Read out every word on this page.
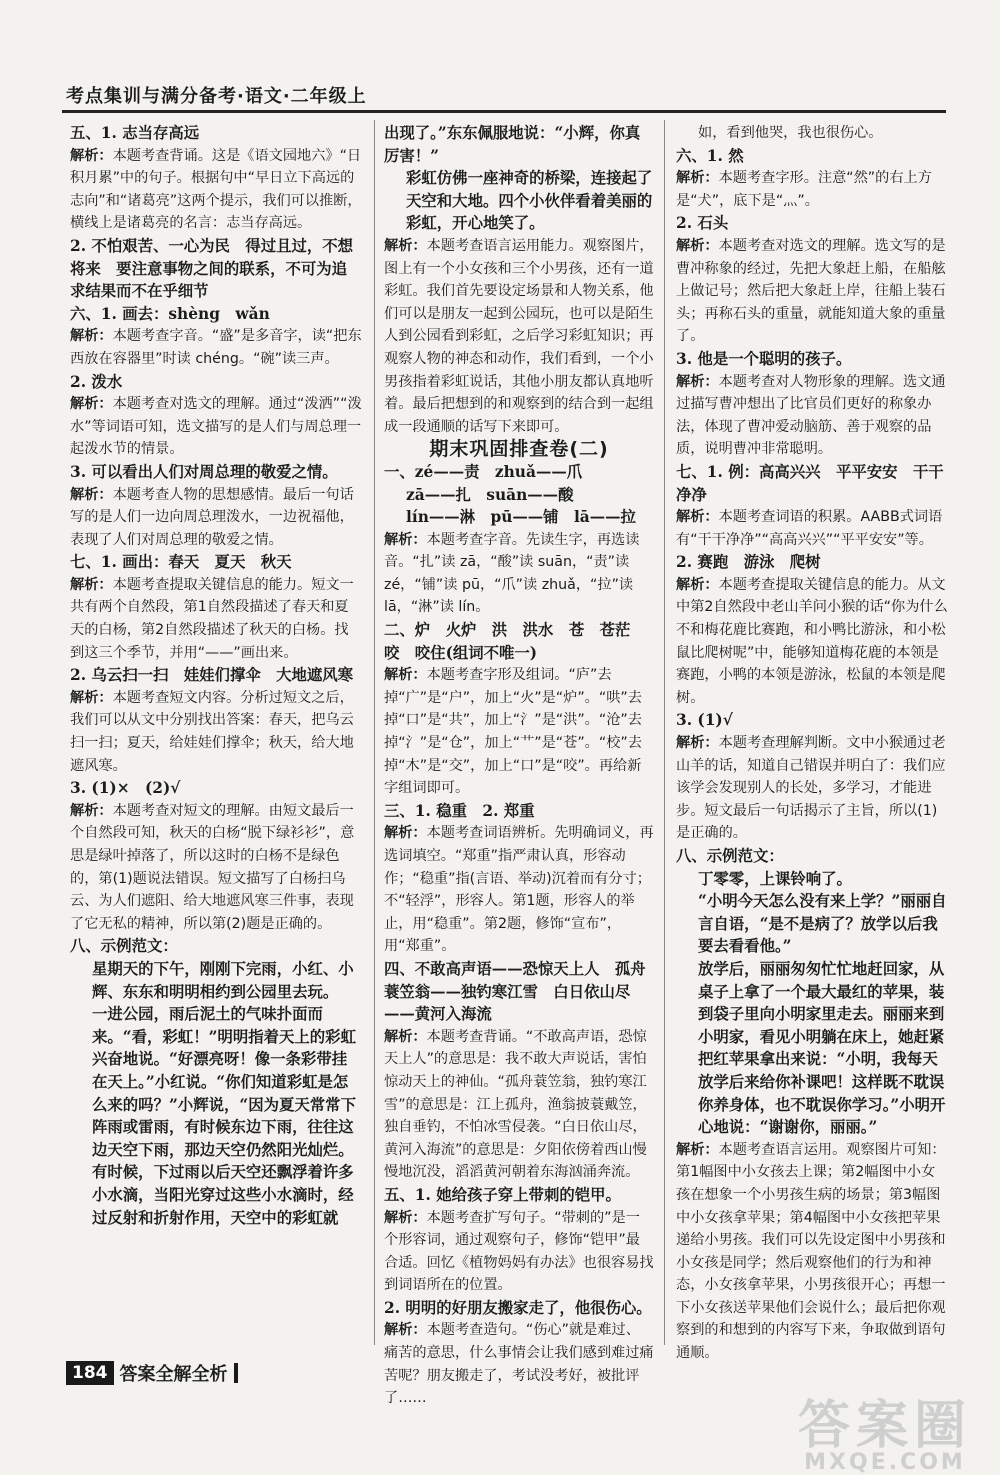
考点集训与满分备考·语文·二年级上

五、1. 志当存高远

解析：本题考查背诵。这是《语文园地六》“日积月累”中的句子。根据句中“早日立下高远的志向”和“诸葛亮”这两个提示，我们可以推断，横线上是诸葛亮的名言：志当存高远。

2. 不怕艰苦、一心为民　得过且过，不想将来　要注意事物之间的联系，不可为追求结果而不在乎细节

六、1. 画去：shèng　wǎn

解析：本题考查字音。“盛”是多音字，读“把东西放在容器里”时读 chéng。“碗”读三声。

2. 泼水

解析：本题考查对选文的理解。通过“泼洒”“泼水”等词语可知，选文描写的是人们与周总理一起泼水节的情景。

3. 可以看出人们对周总理的敬爱之情。

解析：本题考查人物的思想感情。最后一句话写的是人们一边向周总理泼水，一边祝福他，表现了人们对周总理的敬爱之情。

七、1. 画出：春天　夏天　秋天

解析：本题考查提取关键信息的能力。短文一共有两个自然段，第1自然段描述了春天和夏天的白杨，第2自然段描述了秋天的白杨。找到这三个季节，并用“——”画出来。

2. 乌云扫一扫　娃娃们撑伞　大地遮风寒

解析：本题考查短文内容。分析过短文之后，我们可以从文中分别找出答案：春天，把乌云扫一扫；夏天，给娃娃们撑伞；秋天，给大地遮风寒。

3. (1)×　(2)√

解析：本题考查对短文的理解。由短文最后一个自然段可知，秋天的白杨“脱下绿衫衫”，意思是绿叶掉落了，所以这时的白杨不是绿色的，第(1)题说法错误。短文描写了白杨扫乌云、为人们遮阳、给大地遮风寒三件事，表现了它无私的精神，所以第(2)题是正确的。

八、示例范文：

星期天的下午，刚刚下完雨，小红、小辉、东东和明明相约到公园里去玩。

一进公园，雨后泥土的气味扑面而来。“看，彩虹！”明明指着天上的彩虹兴奋地说。“好漂亮呀！像一条彩带挂在天上。”小红说。“你们知道彩虹是怎么来的吗？”小辉说，“因为夏天常常下阵雨或雷雨，有时候东边下雨，往往这边天空下雨，那边天空仍然阳光灿烂。有时候，下过雨以后天空还飘浮着许多小水滴，当阳光穿过这些小水滴时，经过反射和折射作用，天空中的彩虹就

出现了。”东东佩服地说：“小辉，你真厉害！”

彩虹仿佛一座神奇的桥梁，连接起了天空和大地。四个小伙伴看着美丽的彩虹，开心地笑了。

解析：本题考查语言运用能力。观察图片，图上有一个小女孩和三个小男孩，还有一道彩虹。我们首先要设定场景和人物关系，他们可以是朋友一起到公园玩，也可以是陌生人到公园看到彩虹，之后学习彩虹知识；再观察人物的神态和动作，我们看到，一个小男孩指着彩虹说话，其他小朋友都认真地听着。最后把想到的和观察到的结合到一起组成一段通顺的话写下来即可。

期末巩固排查卷(二)

一、zé——责　zhuǎ——爪

zā——扎　suān——酸

lín——淋　pū——铺　lā——拉

解析：本题考查字音。先读生字，再选读音。“扎”读 zā，“酸”读 suān，“责”读 zé，“铺”读 pū，“爪”读 zhuǎ，“拉”读 lā，“淋”读 lín。

二、炉　火炉　洪　洪水　苍　苍茫　咬　咬住(组词不唯一)

解析：本题考查字形及组词。“庐”去掉“广”是“户”，加上“火”是“炉”。“哄”去掉“口”是“共”，加上“氵”是“洪”。“沧”去掉“氵”是“仓”，加上“艹”是“苍”。“校”去掉“木”是“交”，加上“口”是“咬”。再给新字组词即可。

三、1. 稳重　2. 郑重

解析：本题考查词语辨析。先明确词义，再选词填空。“郑重”指严肃认真，形容动作；“稳重”指(言语、举动)沉着而有分寸；不“轻浮”，形容人。第1题，形容人的举止，用“稳重”。第2题，修饰“宣布”，用“郑重”。

四、不敢高声语——恐惊天上人　孤舟蓑笠翁——独钓寒江雪　白日依山尽——黄河入海流

解析：本题考查背诵。“不敢高声语，恐惊天上人”的意思是：我不敢大声说话，害怕惊动天上的神仙。“孤舟蓑笠翁，独钓寒江雪”的意思是：江上孤舟，渔翁披蓑戴笠，独自垂钓，不怕冰雪侵袭。“白日依山尽，黄河入海流”的意思是：夕阳依傍着西山慢慢地沉没，滔滔黄河朝着东海汹涌奔流。

五、1. 她给孩子穿上带刺的铠甲。

解析：本题考查扩写句子。“带刺的”是一个形容词，通过观察句子，修饰“铠甲”最合适。回忆《植物妈妈有办法》也很容易找到词语所在的位置。

2. 明明的好朋友搬家走了，他很伤心。

解析：本题考查造句。“伤心”就是难过、痛苦的意思，什么事情会让我们感到难过痛苦呢？朋友搬走了，考试没考好，被批评了……

如，看到他哭，我也很伤心。

六、1. 然

解析：本题考查字形。注意“然”的右上方是“犬”，底下是“灬”。

2. 石头

解析：本题考查对选文的理解。选文写的是曹冲称象的经过，先把大象赶上船，在船舷上做记号；然后把大象赶上岸，往船上装石头；再称石头的重量，就能知道大象的重量了。

3. 他是一个聪明的孩子。

解析：本题考查对人物形象的理解。选文通过描写曹冲想出了比官员们更好的称象办法，体现了曹冲爱动脑筋、善于观察的品质，说明曹冲非常聪明。

七、1. 例：高高兴兴　平平安安　干干净净

解析：本题考查词语的积累。AABB式词语有“干干净净”“高高兴兴”“平平安安”等。

2. 赛跑　游泳　爬树

解析：本题考查提取关键信息的能力。从文中第2自然段中老山羊问小猴的话“你为什么不和梅花鹿比赛跑，和小鸭比游泳，和小松鼠比爬树呢”中，能够知道梅花鹿的本领是赛跑，小鸭的本领是游泳，松鼠的本领是爬树。

3. (1)√

解析：本题考查理解判断。文中小猴通过老山羊的话，知道自己错误并明白了：我们应该学会发现别人的长处，多学习，才能进步。短文最后一句话揭示了主旨，所以(1)是正确的。

八、示例范文：

丁零零，上课铃响了。

“小明今天怎么没有来上学？”丽丽自言自语，“是不是病了？放学以后我要去看看他。”

放学后，丽丽匆匆忙忙地赶回家，从桌子上拿了一个最大最红的苹果，装到袋子里向小明家里走去。丽丽来到小明家，看见小明躺在床上，她赶紧把红苹果拿出来说：“小明，我每天放学后来给你补课吧！这样既不耽误你养身体，也不耽误你学习。”小明开心地说：“谢谢你，丽丽。”

解析：本题考查语言运用。观察图片可知：第1幅图中小女孩去上课；第2幅图中小女孩在想象一个小男孩生病的场景；第3幅图中小女孩拿苹果；第4幅图中小女孩把苹果递给小男孩。我们可以先设定图中小男孩和小女孩是同学；然后观察他们的行为和神态，小女孩拿苹果，小男孩很开心；再想一下小女孩送苹果他们会说什么；最后把你观察到的和想到的内容写下来，争取做到语句通顺。

184 答案全解全析
答案圈
MXQE.COM
